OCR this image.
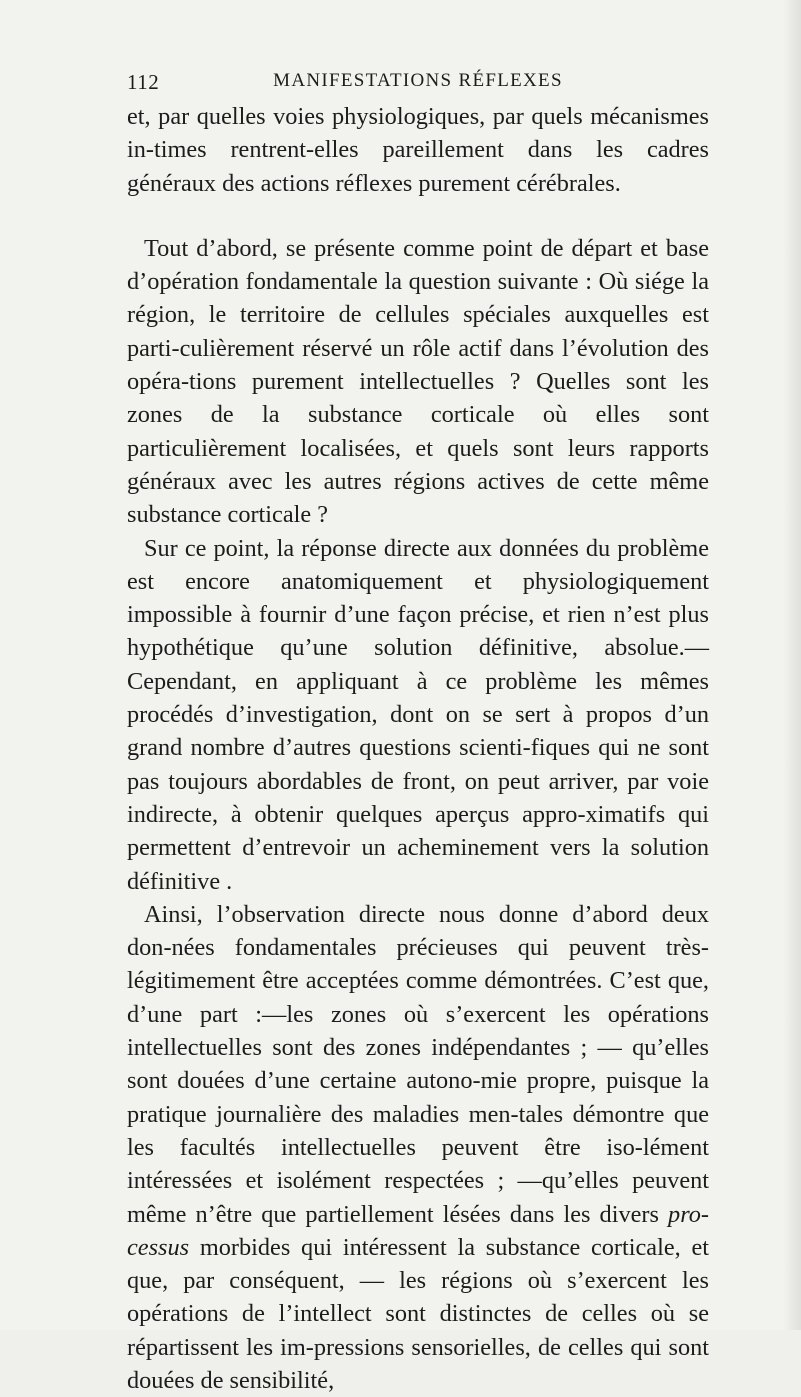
112	MANIFESTATIONS RÉFLEXES

et, par quelles voies physiologiques, par quels mécanismes in-times rentrent-elles pareillement dans les cadres généraux des actions réflexes purement cérébrales.

Tout d’abord, se présente comme point de départ et base d’opération fondamentale la question suivante : Où siége la région, le territoire de cellules spéciales auxquelles est parti-culièrement réservé un rôle actif dans l’évolution des opéra-tions purement intellectuelles ? Quelles sont les zones de la substance corticale où elles sont particulièrement localisées, et quels sont leurs rapports généraux avec les autres régions actives de cette même substance corticale ?

Sur ce point, la réponse directe aux données du problème est encore anatomiquement et physiologiquement impossible à fournir d’une façon précise, et rien n’est plus hypothétique qu’une solution définitive, absolue.—Cependant, en appliquant à ce problème les mêmes procédés d’investigation, dont on se sert à propos d’un grand nombre d’autres questions scienti-fiques qui ne sont pas toujours abordables de front, on peut arriver, par voie indirecte, à obtenir quelques aperçus appro-ximatifs qui permettent d’entrevoir un acheminement vers la solution définitive .

Ainsi, l’observation directe nous donne d’abord deux don-nées fondamentales précieuses qui peuvent très-légitimement être acceptées comme démontrées. C’est que, d’une part :—les zones où s’exercent les opérations intellectuelles sont des zones indépendantes ; — qu’elles sont douées d’une certaine autono-mie propre, puisque la pratique journalière des maladies men-tales démontre que les facultés intellectuelles peuvent être iso-lément intéressées et isolément respectées ; —qu’elles peuvent même n’être que partiellement lésées dans les divers pro-cessus morbides qui intéressent la substance corticale, et que, par conséquent, — les régions où s’exercent les opérations de l’intellect sont distinctes de celles où se répartissent les im-pressions sensorielles, de celles qui sont douées de sensibilité,
